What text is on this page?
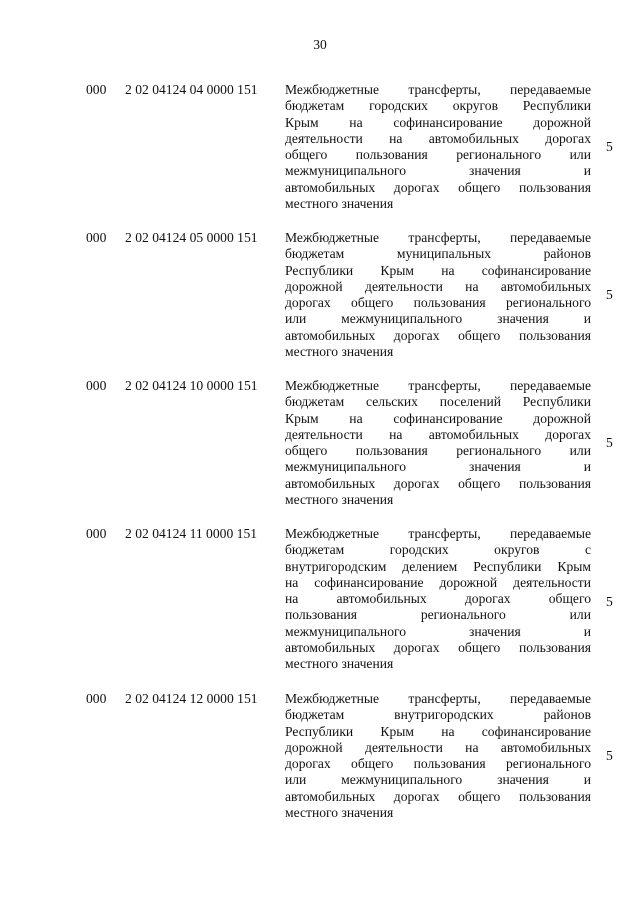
30
000 2 02 04124 04 0000 151 Межбюджетные трансферты, передаваемые
бюджетам городских округов Республики
Крым на софинансирование дорожной
деятельности на автомобильных дорогах
общего пользования регионального или
межмуниципального значения и
автомобильных дорогах общего пользования
местного значения
5
000 2 02 04124 05 0000 151 Межбюджетные трансферты, передаваемые
бюджетам муниципальных районов
Республики Крым на софинансирование
дорожной деятельности на автомобильных
дорогах общего пользования регионального
или межмуниципального значения и
автомобильных дорогах общего пользования
местного значения
5
000 2 02 04124 10 0000 151 Межбюджетные трансферты, передаваемые
бюджетам сельских поселений Республики
Крым на софинансирование дорожной
деятельности на автомобильных дорогах
общего пользования регионального или
межмуниципального значения и
автомобильных дорогах общего пользования
местного значения
5
000 2 02 04124 11 0000 151 Межбюджетные трансферты, передаваемые
бюджетам городских округов с
внутригородским делением Республики Крым
на софинансирование дорожной деятельности
на автомобильных дорогах общего
пользования регионального или
межмуниципального значения и
автомобильных дорогах общего пользования
местного значения
5
000 2 02 04124 12 0000 151 Межбюджетные трансферты, передаваемые
бюджетам внутригородских районов
Республики Крым на софинансирование
дорожной деятельности на автомобильных
дорогах общего пользования регионального
или межмуниципального значения и
автомобильных дорогах общего пользования
местного значения
5
